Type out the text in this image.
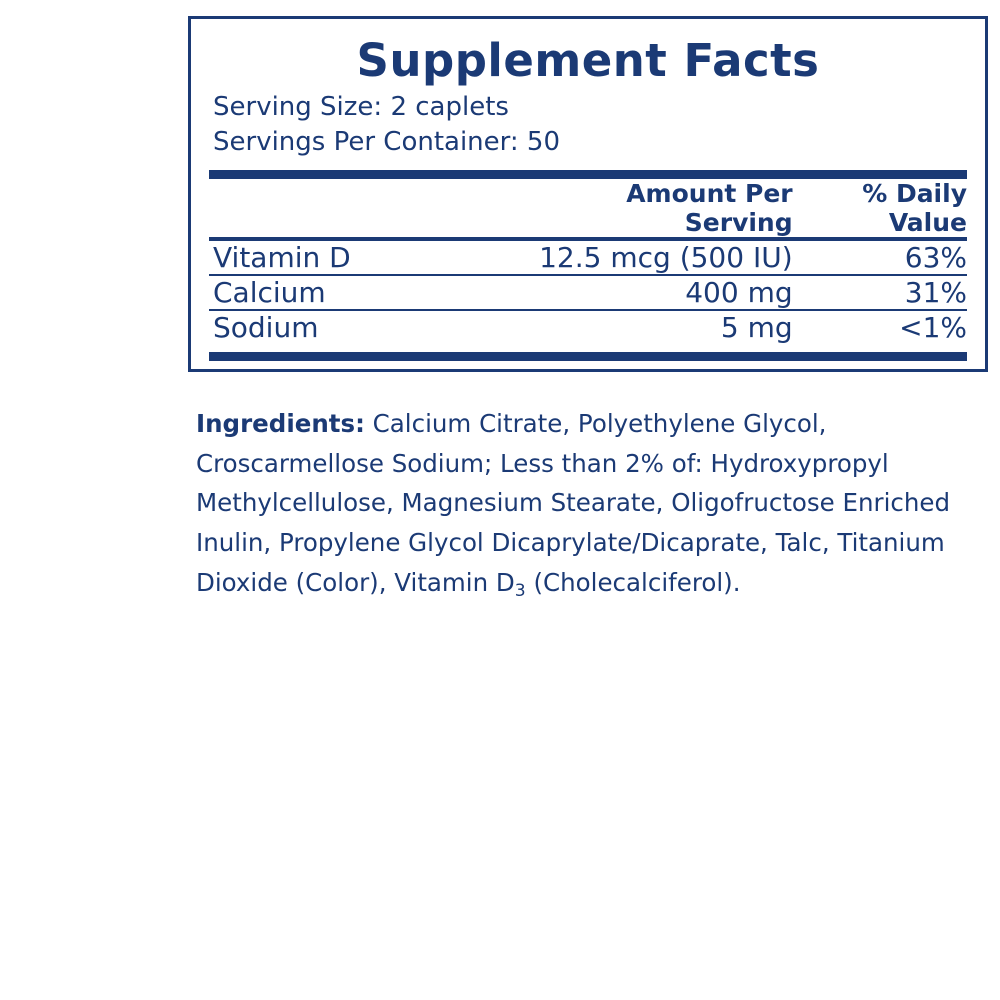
Supplement Facts
Serving Size: 2 caplets
Servings Per Container: 50
	Amount Per Serving	% Daily Value

Vitamin D	12.5 mcg (500 IU)	63%

Calcium	400 mg	31%

Sodium	5 mg	<1%
Ingredients: Calcium Citrate, Polyethylene Glycol, Croscarmellose Sodium; Less than 2% of: Hydroxypropyl Methylcellulose, Magnesium Stearate, Oligofructose Enriched Inulin, Propylene Glycol Dicaprylate/Dicaprate, Talc, Titanium Dioxide (Color), Vitamin $D_3$ (Cholecalciferol).
